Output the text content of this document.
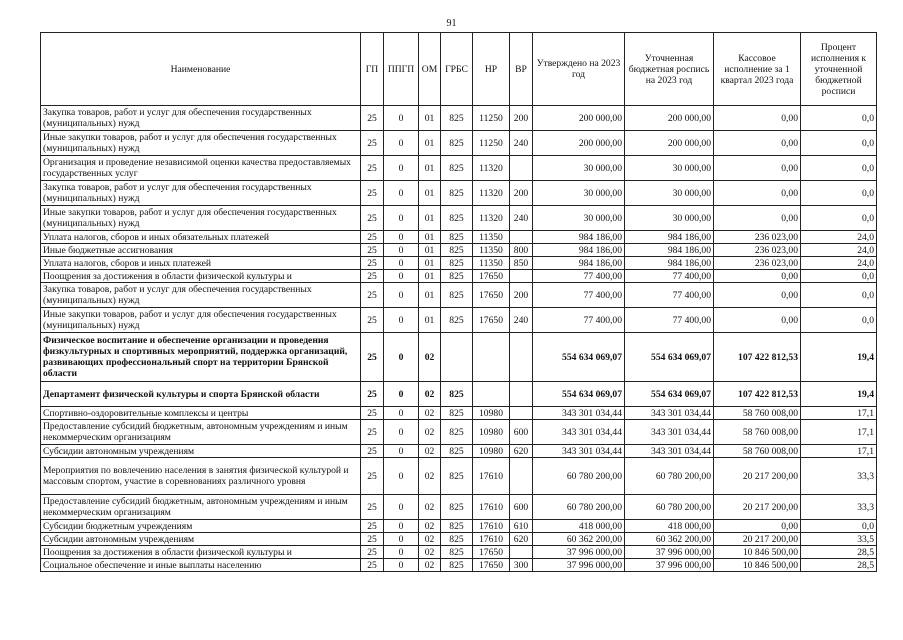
91
Наименование	ГП	ППГП	ОМ	ГРБС	НР	ВР	Утверждено на 2023 год	Уточненная бюджетная роспись на 2023 год	Кассовое исполнение за 1 квартал 2023 года	Процент исполнения к уточненной бюджетной росписи
Закупка товаров, работ и услуг для обеспечения государственных (муниципальных) нужд	25	0	01	825	11250	200	200 000,00	200 000,00	0,00	0,0
Иные закупки товаров, работ и услуг для обеспечения государственных (муниципальных) нужд	25	0	01	825	11250	240	200 000,00	200 000,00	0,00	0,0
Организация и проведение независимой оценки качества предоставляемых государственных услуг	25	0	01	825	11320		30 000,00	30 000,00	0,00	0,0
Закупка товаров, работ и услуг для обеспечения государственных (муниципальных) нужд	25	0	01	825	11320	200	30 000,00	30 000,00	0,00	0,0
Иные закупки товаров, работ и услуг для обеспечения государственных (муниципальных) нужд	25	0	01	825	11320	240	30 000,00	30 000,00	0,00	0,0
Уплата налогов, сборов и иных обязательных платежей	25	0	01	825	11350		984 186,00	984 186,00	236 023,00	24,0
Иные бюджетные ассигнования	25	0	01	825	11350	800	984 186,00	984 186,00	236 023,00	24,0
Уплата налогов, сборов и иных платежей	25	0	01	825	11350	850	984 186,00	984 186,00	236 023,00	24,0
Поощрения за достижения в области физической культуры и	25	0	01	825	17650		77 400,00	77 400,00	0,00	0,0
Закупка товаров, работ и услуг для обеспечения государственных (муниципальных) нужд	25	0	01	825	17650	200	77 400,00	77 400,00	0,00	0,0
Иные закупки товаров, работ и услуг для обеспечения государственных (муниципальных) нужд	25	0	01	825	17650	240	77 400,00	77 400,00	0,00	0,0
Физическое воспитание и обеспечение организации и проведения физкультурных и спортивных мероприятий, поддержка организаций, развивающих профессиональный спорт на территории Брянской области	25	0	02				554 634 069,07	554 634 069,07	107 422 812,53	19,4
Департамент физической культуры и спорта Брянской области	25	0	02	825			554 634 069,07	554 634 069,07	107 422 812,53	19,4
Спортивно-оздоровительные комплексы и центры	25	0	02	825	10980		343 301 034,44	343 301 034,44	58 760 008,00	17,1
Предоставление субсидий бюджетным, автономным учреждениям и иным некоммерческим организациям	25	0	02	825	10980	600	343 301 034,44	343 301 034,44	58 760 008,00	17,1
Субсидии автономным учреждениям	25	0	02	825	10980	620	343 301 034,44	343 301 034,44	58 760 008,00	17,1
Мероприятия по вовлечению населения в занятия физической культурой и массовым спортом, участие в соревнованиях различного уровня	25	0	02	825	17610		60 780 200,00	60 780 200,00	20 217 200,00	33,3
Предоставление субсидий бюджетным, автономным учреждениям и иным некоммерческим организациям	25	0	02	825	17610	600	60 780 200,00	60 780 200,00	20 217 200,00	33,3
Субсидии бюджетным учреждениям	25	0	02	825	17610	610	418 000,00	418 000,00	0,00	0,0
Субсидии автономным учреждениям	25	0	02	825	17610	620	60 362 200,00	60 362 200,00	20 217 200,00	33,5
Поощрения за достижения в области физической культуры и	25	0	02	825	17650		37 996 000,00	37 996 000,00	10 846 500,00	28,5
Социальное обеспечение и иные выплаты населению	25	0	02	825	17650	300	37 996 000,00	37 996 000,00	10 846 500,00	28,5
